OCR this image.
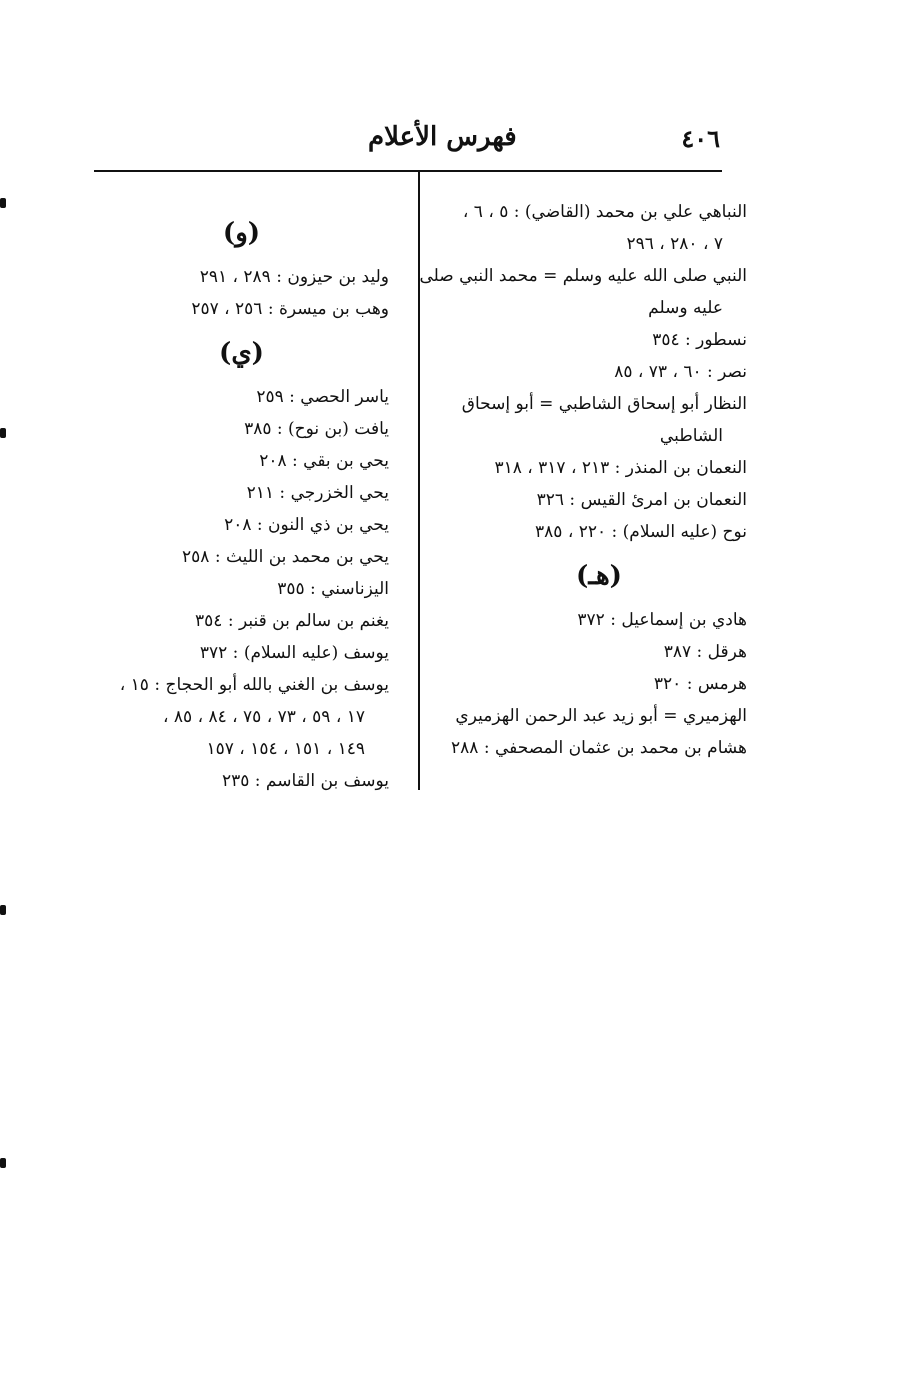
٤٠٦
فهرس الأعلام
النباهي علي بن محمد (القاضي) : ٥ ، ٦ ،
٧ ، ٢٨٠ ، ٢٩٦
النبي صلى الله عليه وسلم = محمد النبي صلى
عليه وسلم
نسطور : ٣٥٤
نصر : ٦٠ ، ٧٣ ، ٨٥
النظار أبو إسحاق الشاطبي = أبو إسحاق
الشاطبي
النعمان بن المنذر : ٢١٣ ، ٣١٧ ، ٣١٨
النعمان بن امرئ القيس : ٣٢٦
نوح (عليه السلام) : ٢٢٠ ، ٣٨٥
(هـ)
هادي بن إسماعيل : ٣٧٢
هرقل : ٣٨٧
هرمس : ٣٢٠
الهزميري = أبو زيد عبد الرحمن الهزميري
هشام بن محمد بن عثمان المصحفي : ٢٨٨
(و)
وليد بن حيزون : ٢٨٩ ، ٢٩١
وهب بن ميسرة : ٢٥٦ ، ٢٥٧
(ي)
ياسر الحصي : ٢٥٩
يافت (بن نوح) : ٣٨٥
يحي بن بقي : ٢٠٨
يحي الخزرجي : ٢١١
يحي بن ذي النون : ٢٠٨
يحي بن محمد بن الليث : ٢٥٨
اليزناسني : ٣٥٥
يغنم بن سالم بن قنبر : ٣٥٤
يوسف (عليه السلام) : ٣٧٢
يوسف بن الغني بالله أبو الحجاج : ١٥ ،
١٧ ، ٥٩ ، ٧٣ ، ٧٥ ، ٨٤ ، ٨٥ ،
١٤٩ ، ١٥١ ، ١٥٤ ، ١٥٧
يوسف بن القاسم : ٢٣٥
